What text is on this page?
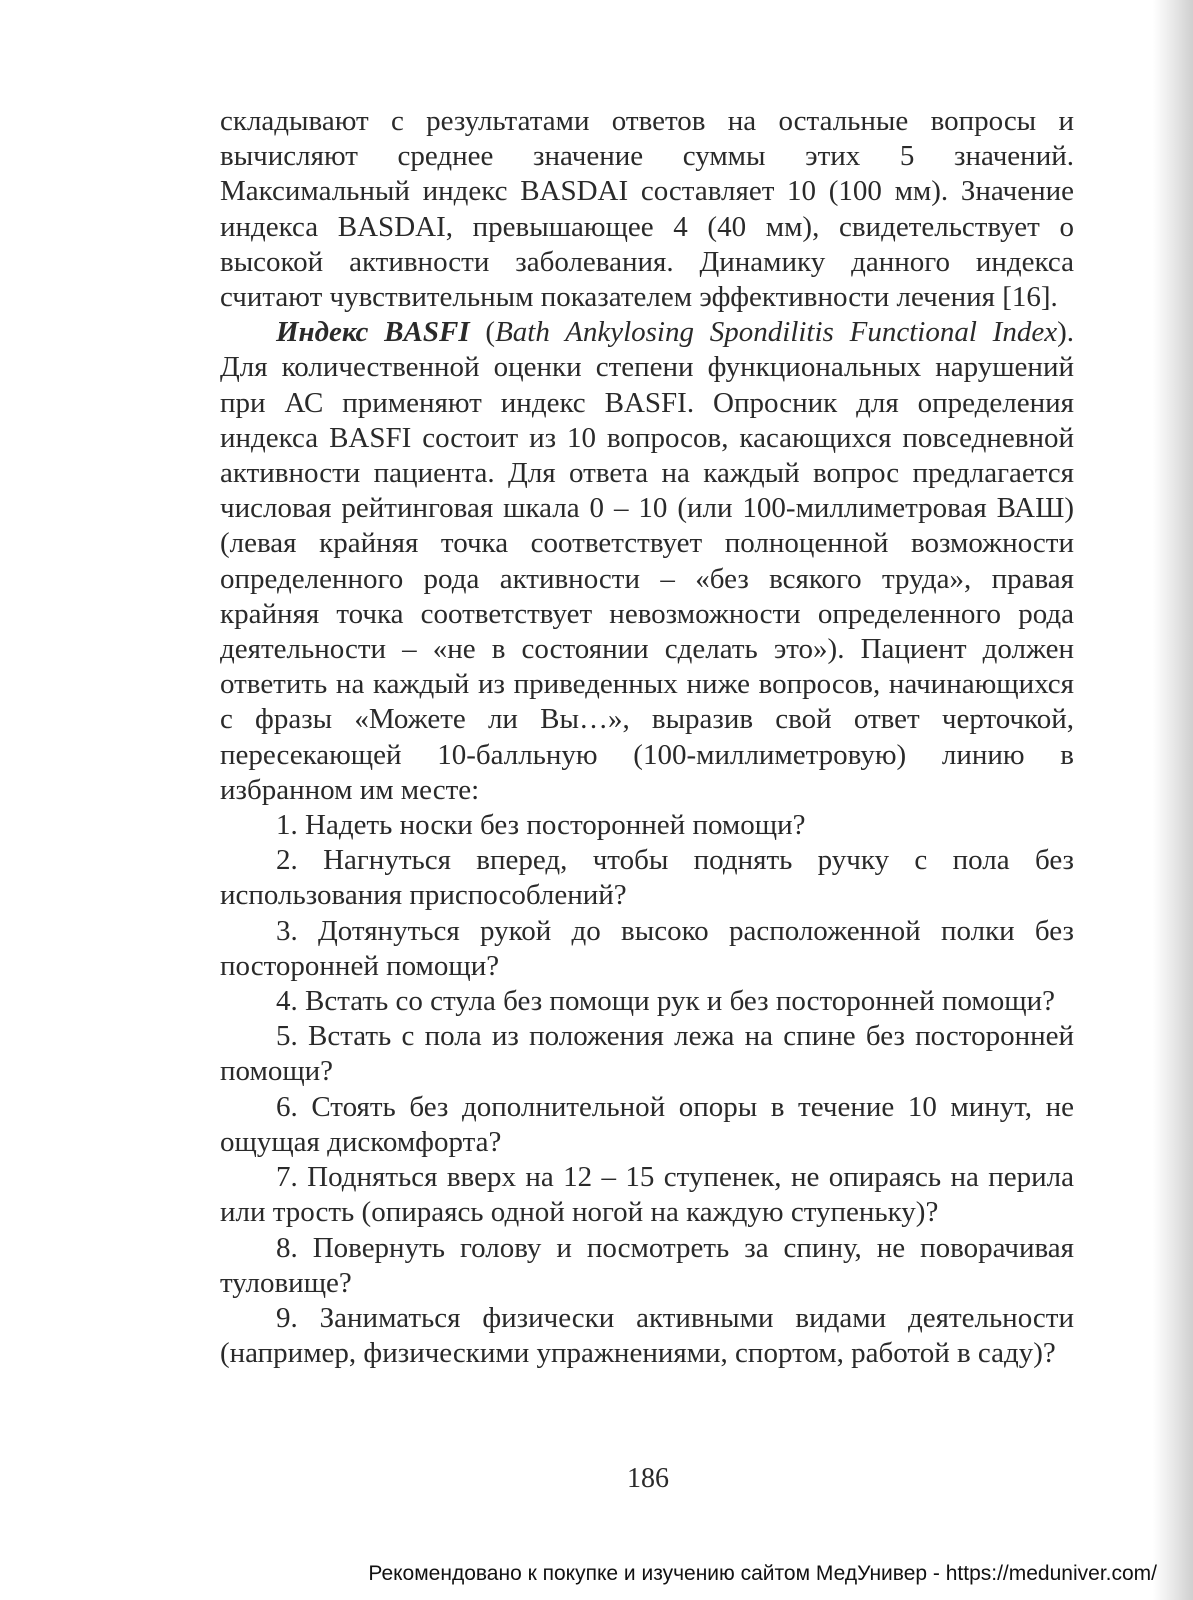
складывают с результатами ответов на остальные вопросы и вычисляют среднее значение суммы этих 5 значений. Максимальный индекс BASDAI составляет 10 (100 мм). Значение индекса BASDAI, превышающее 4 (40 мм), свидетельствует о высокой активности заболевания. Динамику данного индекса считают чувствительным показателем эффективности лечения [16].

Индекс BASFI (Bath Ankylosing Spondilitis Functional Index). Для количественной оценки степени функциональных нарушений при АС применяют индекс BASFI. Опросник для определения индекса BASFI состоит из 10 вопросов, касающихся повседневной активности пациента. Для ответа на каждый вопрос предлагается числовая рейтинговая шкала 0 – 10 (или 100-миллиметровая ВАШ) (левая крайняя точка соответствует полноценной возможности определенного рода активности – «без всякого труда», правая крайняя точка соответствует невозможности определенного рода деятельности – «не в состоянии сделать это»). Пациент должен ответить на каждый из приведенных ниже вопросов, начинающихся с фразы «Можете ли Вы…», выразив свой ответ черточкой, пересекающей 10-балльную (100-миллиметровую) линию в избранном им месте:

1. Надеть носки без посторонней помощи?

2. Нагнуться вперед, чтобы поднять ручку с пола без использования приспособлений?

3. Дотянуться рукой до высоко расположенной полки без посторонней помощи?

4. Встать со стула без помощи рук и без посторонней помощи?

5. Встать с пола из положения лежа на спине без посторонней помощи?

6. Стоять без дополнительной опоры в течение 10 минут, не ощущая дискомфорта?

7. Подняться вверх на 12 – 15 ступенек, не опираясь на перила или трость (опираясь одной ногой на каждую ступеньку)?

8. Повернуть голову и посмотреть за спину, не поворачивая туловище?

9. Заниматься физически активными видами деятельности (например, физическими упражнениями, спортом, работой в саду)?

186
Рекомендовано к покупке и изучению сайтом МедУнивер - https://meduniver.com/
